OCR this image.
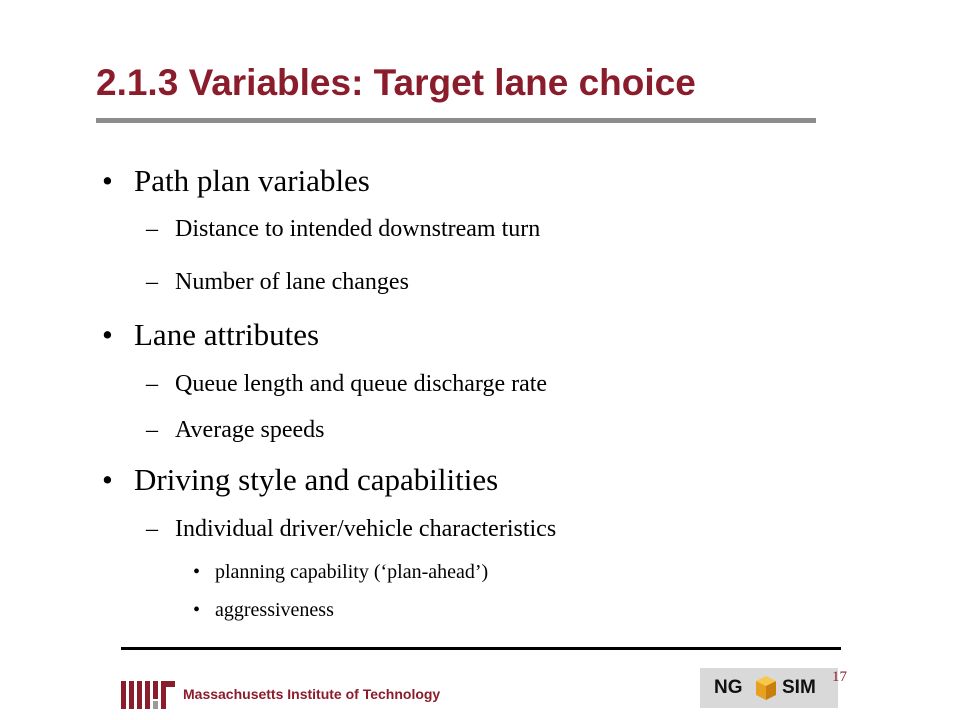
2.1.3 Variables: Target lane choice
• Path plan variables
– Distance to intended downstream turn
– Number of lane changes
• Lane attributes
– Queue length and queue discharge rate
– Average speeds
• Driving style and capabilities
– Individual driver/vehicle characteristics
• planning capability (‘plan-ahead’)
• aggressiveness
Massachusetts Institute of Technology	NG SIM 17
